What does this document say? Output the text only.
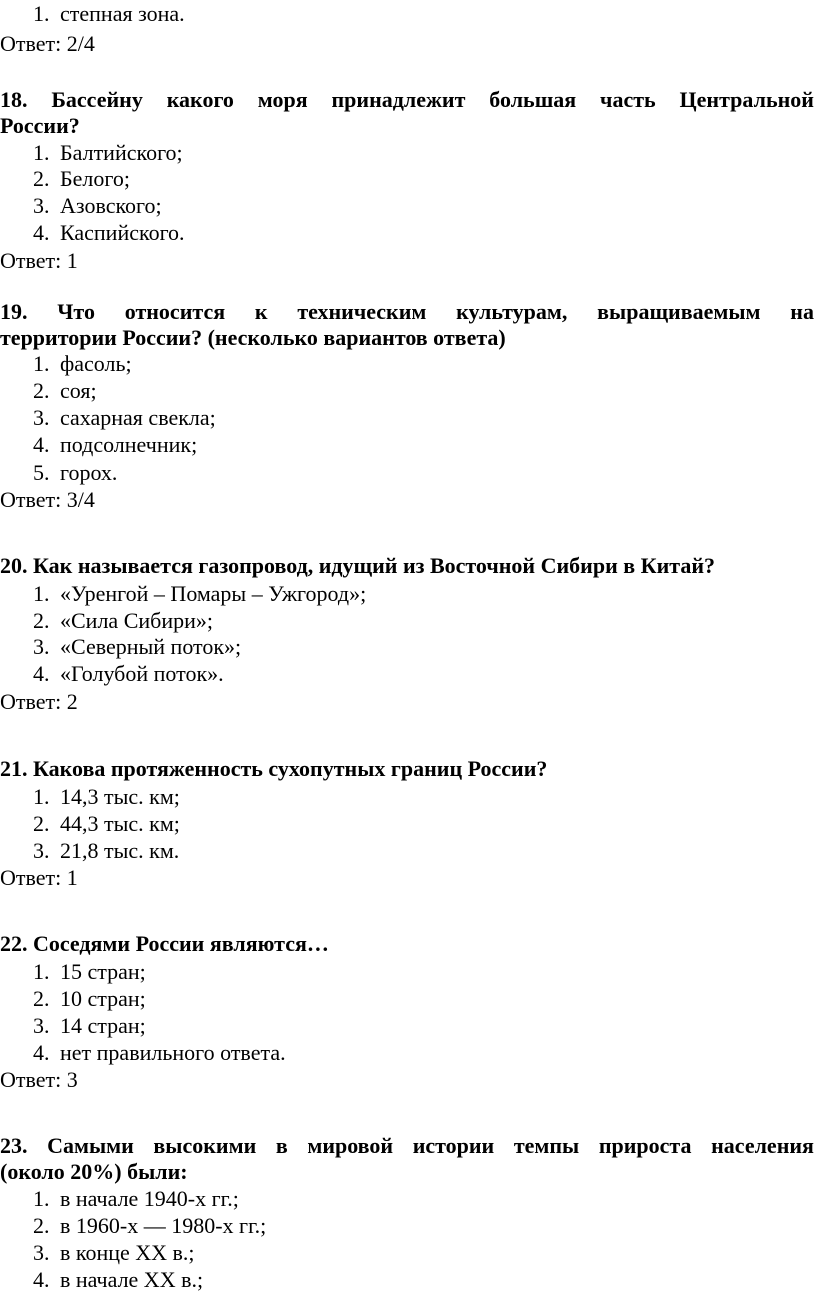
1. степная зона.
Ответ: 2/4
18. Бассейну какого моря принадлежит большая часть Центральной
России?
1. Балтийского;
2. Белого;
3. Азовского;
4. Каспийского.
Ответ: 1
19. Что относится к техническим культурам, выращиваемым на
территории России? (несколько вариантов ответа)
1. фасоль;
2. соя;
3. сахарная свекла;
4. подсолнечник;
5. горох.
Ответ: 3/4
20. Как называется газопровод, идущий из Восточной Сибири в Китай?
1. «Уренгой – Помары – Ужгород»;
2. «Сила Сибири»;
3. «Северный поток»;
4. «Голубой поток».
Ответ: 2
21. Какова протяженность сухопутных границ России?
1. 14,3 тыс. км;
2. 44,3 тыс. км;
3. 21,8 тыс. км.
Ответ: 1
22. Соседями России являются…
1. 15 стран;
2. 10 стран;
3. 14 стран;
4. нет правильного ответа.
Ответ: 3
23. Самыми высокими в мировой истории темпы прироста населения
(около 20%) были:
1. в начале 1940-х гг.;
2. в 1960-х — 1980-х гг.;
3. в конце XX в.;
4. в начале XX в.;
